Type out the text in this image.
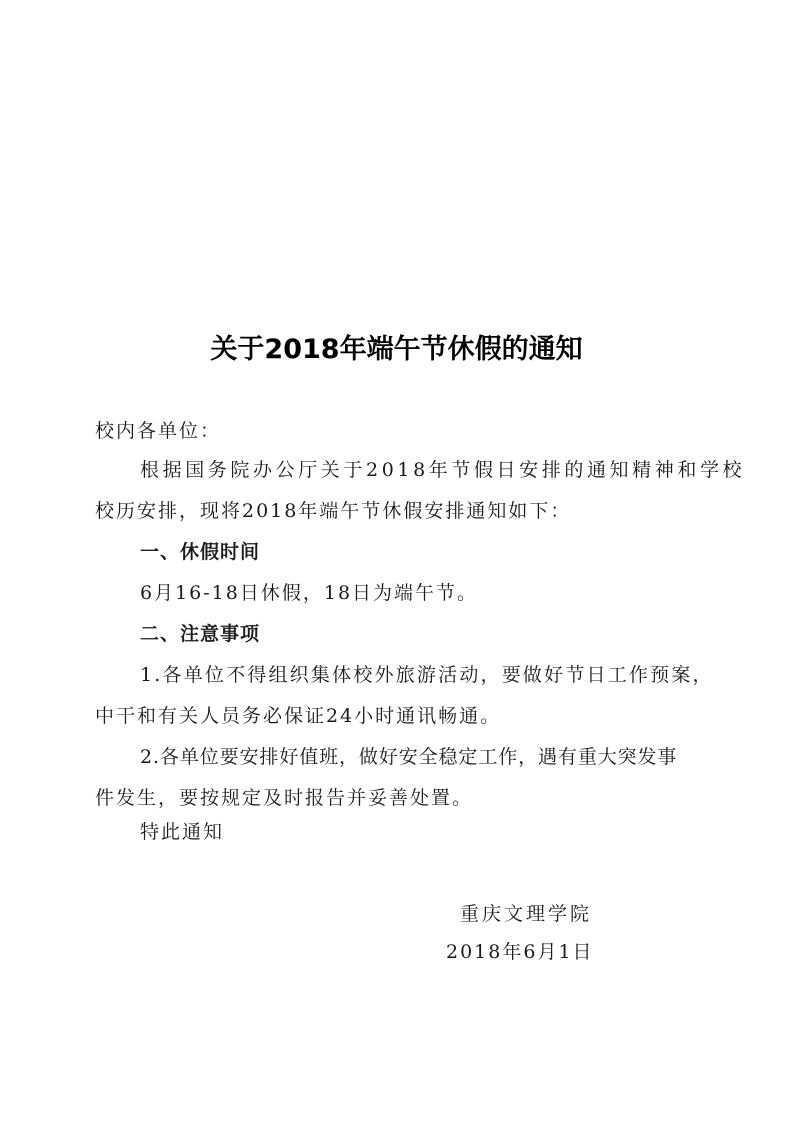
关于2018年端午节休假的通知
校内各单位：
根据国务院办公厅关于2018年节假日安排的通知精神和学校
校历安排，现将2018年端午节休假安排通知如下：
一、休假时间
6月16-18日休假，18日为端午节。
二、注意事项
1.各单位不得组织集体校外旅游活动，要做好节日工作预案，
中干和有关人员务必保证24小时通讯畅通。
2.各单位要安排好值班，做好安全稳定工作，遇有重大突发事
件发生，要按规定及时报告并妥善处置。
特此通知
重庆文理学院
2018年6月1日
